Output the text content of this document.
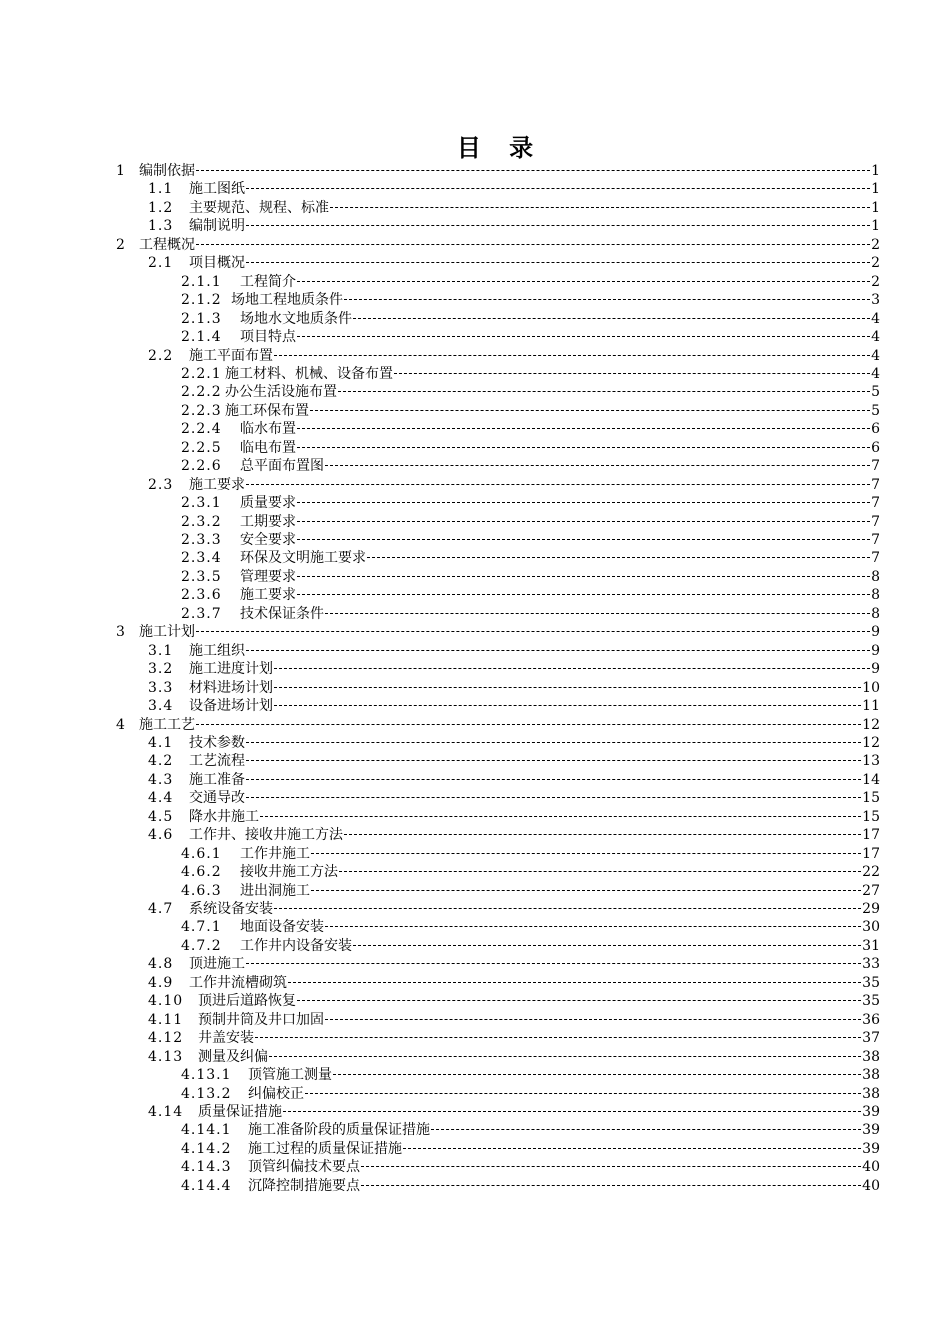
目 录
1 编制依据	1
1.1 施工图纸	1
1.2 主要规范、规程、标准	1
1.3 编制说明	1
2 工程概况	2
2.1 项目概况	2
2.1.1 工程简介	2
2.1.2 场地工程地质条件	3
2.1.3 场地水文地质条件	4
2.1.4 项目特点	4
2.2 施工平面布置	4
2.2.1 施工材料、机械、设备布置	4
2.2.2 办公生活设施布置	5
2.2.3 施工环保布置	5
2.2.4 临水布置	6
2.2.5 临电布置	6
2.2.6 总平面布置图	7
2.3 施工要求	7
2.3.1 质量要求	7
2.3.2 工期要求	7
2.3.3 安全要求	7
2.3.4 环保及文明施工要求	7
2.3.5 管理要求	8
2.3.6 施工要求	8
2.3.7 技术保证条件	8
3 施工计划	9
3.1 施工组织	9
3.2 施工进度计划	9
3.3 材料进场计划	10
3.4 设备进场计划	11
4 施工工艺	12
4.1 技术参数	12
4.2 工艺流程	13
4.3 施工准备	14
4.4 交通导改	15
4.5 降水井施工	15
4.6 工作井、接收井施工方法	17
4.6.1 工作井施工	17
4.6.2 接收井施工方法	22
4.6.3 进出洞施工	27
4.7 系统设备安装	29
4.7.1 地面设备安装	30
4.7.2 工作井内设备安装	31
4.8 顶进施工	33
4.9 工作井流槽砌筑	35
4.10 顶进后道路恢复	35
4.11 预制井筒及井口加固	36
4.12 井盖安装	37
4.13 测量及纠偏	38
4.13.1 顶管施工测量	38
4.13.2 纠偏校正	38
4.14 质量保证措施	39
4.14.1 施工准备阶段的质量保证措施	39
4.14.2 施工过程的质量保证措施	39
4.14.3 顶管纠偏技术要点	40
4.14.4 沉降控制措施要点	40
